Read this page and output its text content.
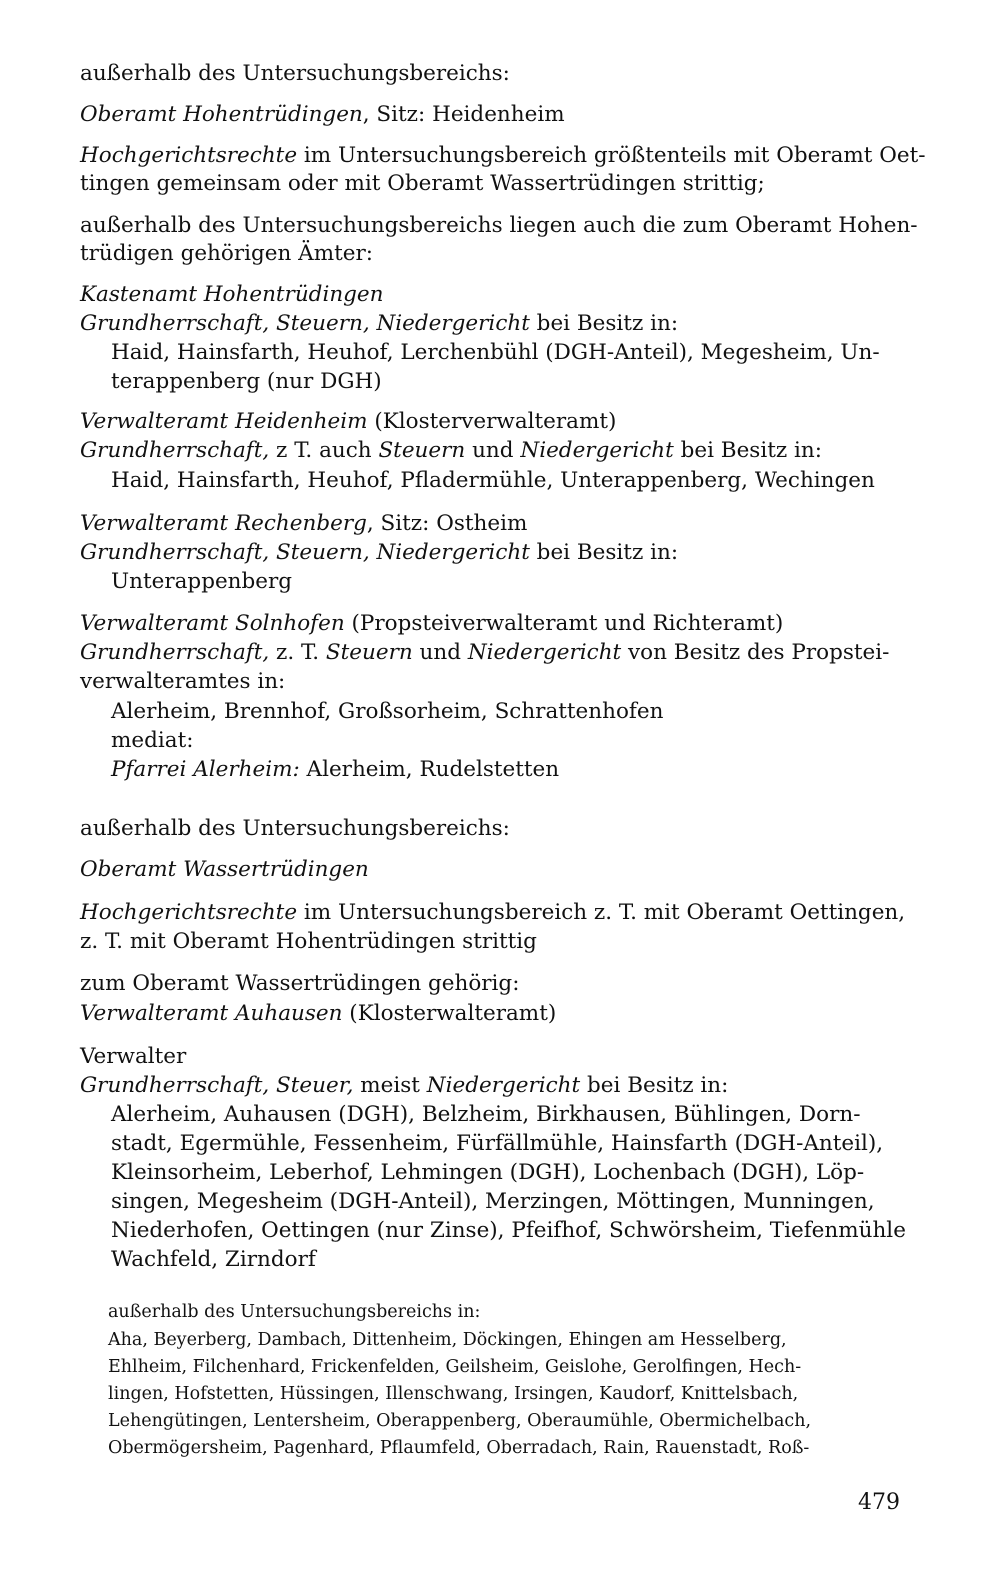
außerhalb des Untersuchungsbereichs:
Oberamt Hohentrüdingen, Sitz: Heidenheim
Hochgerichtsrechte im Untersuchungsbereich größtenteils mit Oberamt Oet-
tingen gemeinsam oder mit Oberamt Wassertrüdingen strittig;
außerhalb des Untersuchungsbereichs liegen auch die zum Oberamt Hohen-
trüdigen gehörigen Ämter:
Kastenamt Hohentrüdingen
Grundherrschaft, Steuern, Niedergericht bei Besitz in:
Haid, Hainsfarth, Heuhof, Lerchenbühl (DGH-Anteil), Megesheim, Un-
terappenberg (nur DGH)
Verwalteramt Heidenheim (Klosterverwalteramt)
Grundherrschaft, z T. auch Steuern und Niedergericht bei Besitz in:
Haid, Hainsfarth, Heuhof, Pfladermühle, Unterappenberg, Wechingen
Verwalteramt Rechenberg, Sitz: Ostheim
Grundherrschaft, Steuern, Niedergericht bei Besitz in:
Unterappenberg
Verwalteramt Solnhofen (Propsteiverwalteramt und Richteramt)
Grundherrschaft, z. T. Steuern und Niedergericht von Besitz des Propstei-
verwalteramtes in:
Alerheim, Brennhof, Großsorheim, Schrattenhofen
mediat:
Pfarrei Alerheim: Alerheim, Rudelstetten
außerhalb des Untersuchungsbereichs:
Oberamt Wassertrüdingen
Hochgerichtsrechte im Untersuchungsbereich z. T. mit Oberamt Oettingen,
z. T. mit Oberamt Hohentrüdingen strittig
zum Oberamt Wassertrüdingen gehörig:
Verwalteramt Auhausen (Klosterwalteramt)
Verwalter
Grundherrschaft, Steuer, meist Niedergericht bei Besitz in:
Alerheim, Auhausen (DGH), Belzheim, Birkhausen, Bühlingen, Dorn-
stadt, Egermühle, Fessenheim, Fürfällmühle, Hainsfarth (DGH-Anteil),
Kleinsorheim, Leberhof, Lehmingen (DGH), Lochenbach (DGH), Löp-
singen, Megesheim (DGH-Anteil), Merzingen, Möttingen, Munningen,
Niederhofen, Oettingen (nur Zinse), Pfeifhof, Schwörsheim, Tiefenmühle
Wachfeld, Zirndorf
außerhalb des Untersuchungsbereichs in:
Aha, Beyerberg, Dambach, Dittenheim, Döckingen, Ehingen am Hesselberg,
Ehlheim, Filchenhard, Frickenfelden, Geilsheim, Geislohe, Gerolfingen, Hech-
lingen, Hofstetten, Hüssingen, Illenschwang, Irsingen, Kaudorf, Knittelsbach,
Lehengütingen, Lentersheim, Oberappenberg, Oberaumühle, Obermichelbach,
Obermögersheim, Pagenhard, Pflaumfeld, Oberradach, Rain, Rauenstadt, Roß-
479
